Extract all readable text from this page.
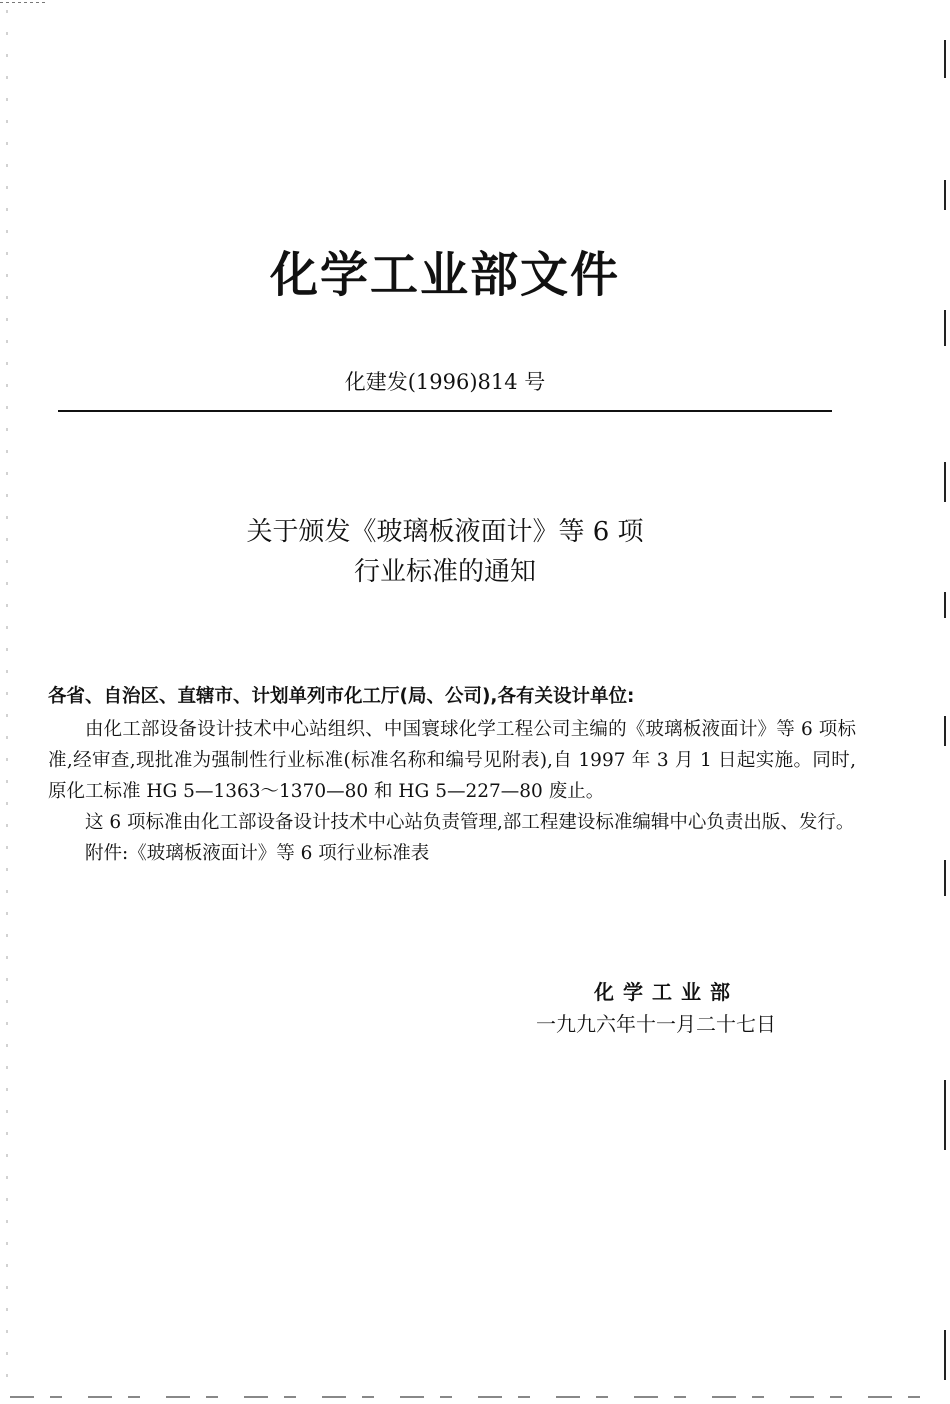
化学工业部文件
化建发(1996)814 号
关于颁发《玻璃板液面计》等 6 项
行业标准的通知
各省、自治区、直辖市、计划单列市化工厅(局、公司),各有关设计单位:

由化工部设备设计技术中心站组织、中国寰球化学工程公司主编的《玻璃板液面计》等 6 项标准,经审查,现批准为强制性行业标准(标准名称和编号见附表),自 1997 年 3 月 1 日起实施。同时,原化工标准 HG 5—1363～1370—80 和 HG 5—227—80 废止。

这 6 项标准由化工部设备设计技术中心站负责管理,部工程建设标准编辑中心负责出版、发行。

附件:《玻璃板液面计》等 6 项行业标准表
化学工业部
一九九六年十一月二十七日
